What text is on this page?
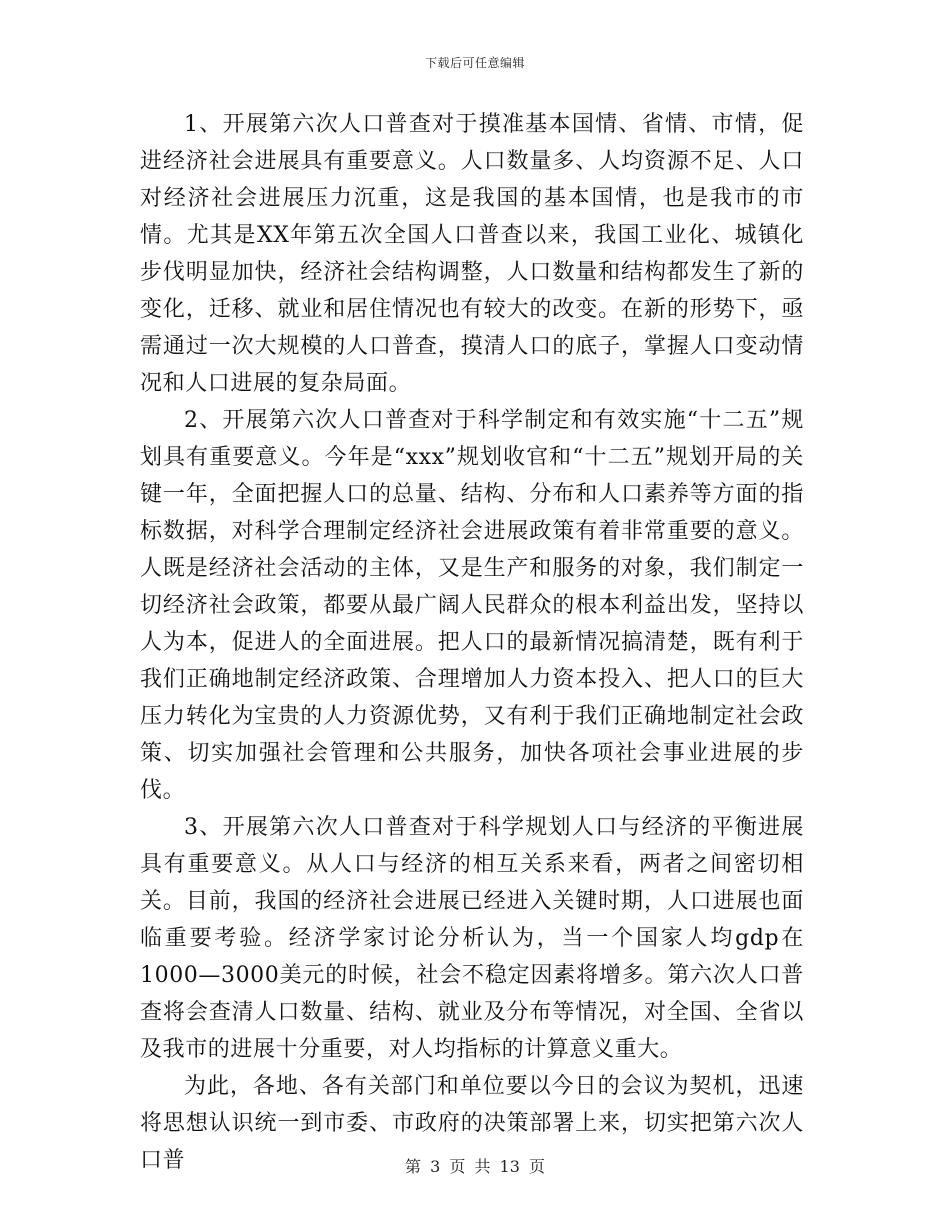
下载后可任意编辑

1、开展第六次人口普查对于摸准基本国情、省情、市情，促进经济社会进展具有重要意义。人口数量多、人均资源不足、人口对经济社会进展压力沉重，这是我国的基本国情，也是我市的市情。尤其是XX年第五次全国人口普查以来，我国工业化、城镇化步伐明显加快，经济社会结构调整，人口数量和结构都发生了新的变化，迁移、就业和居住情况也有较大的改变。在新的形势下，亟需通过一次大规模的人口普查，摸清人口的底子，掌握人口变动情况和人口进展的复杂局面。

2、开展第六次人口普查对于科学制定和有效实施“十二五”规划具有重要意义。今年是“xxx”规划收官和“十二五”规划开局的关键一年，全面把握人口的总量、结构、分布和人口素养等方面的指标数据，对科学合理制定经济社会进展政策有着非常重要的意义。人既是经济社会活动的主体，又是生产和服务的对象，我们制定一切经济社会政策，都要从最广阔人民群众的根本利益出发，坚持以人为本，促进人的全面进展。把人口的最新情况搞清楚，既有利于我们正确地制定经济政策、合理增加人力资本投入、把人口的巨大压力转化为宝贵的人力资源优势，又有利于我们正确地制定社会政策、切实加强社会管理和公共服务，加快各项社会事业进展的步伐。

3、开展第六次人口普查对于科学规划人口与经济的平衡进展具有重要意义。从人口与经济的相互关系来看，两者之间密切相关。目前，我国的经济社会进展已经进入关键时期，人口进展也面临重要考验。经济学家讨论分析认为，当一个国家人均gdp在1000—3000美元的时候，社会不稳定因素将增多。第六次人口普查将会查清人口数量、结构、就业及分布等情况，对全国、全省以及我市的进展十分重要，对人均指标的计算意义重大。

为此，各地、各有关部门和单位要以今日的会议为契机，迅速将思想认识统一到市委、市政府的决策部署上来，切实把第六次人口普	第 3 页 共 13 页
